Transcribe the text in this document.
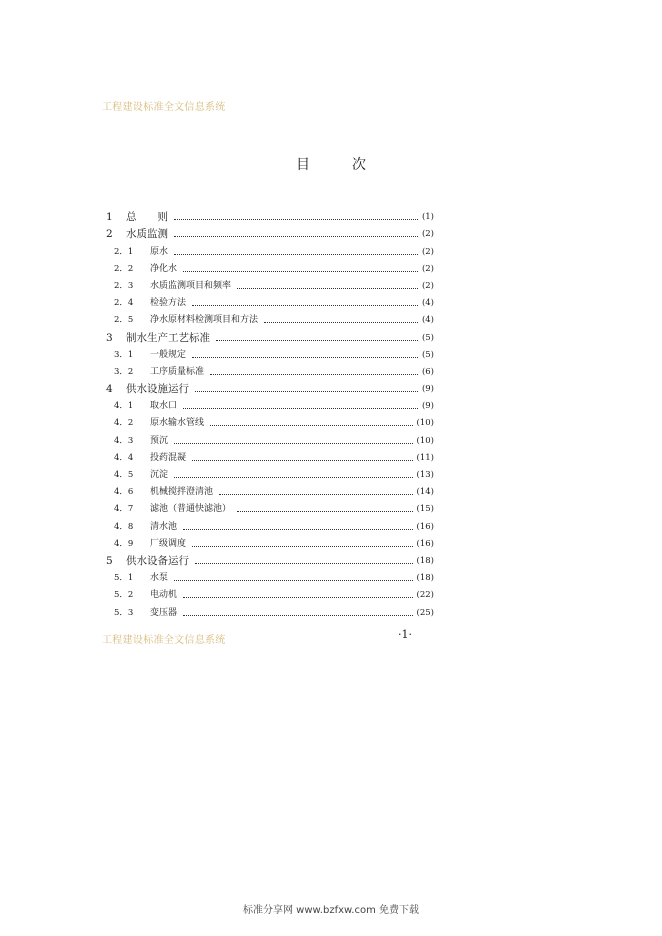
工程建设标准全文信息系统
目	次
1	总　　则	(1)
2	水质监测	(2)
2．1	原水	(2)
2．2	净化水	(2)
2．3	水质监测项目和频率	(2)
2．4	检验方法	(4)
2．5	净水原材料检测项目和方法	(4)
3	制水生产工艺标准	(5)
3．1	一般规定	(5)
3．2	工序质量标准	(6)
4	供水设施运行	(9)
4．1	取水口	(9)
4．2	原水输水管线	(10)
4．3	预沉	(10)
4．4	投药混凝	(11)
4．5	沉淀	(13)
4．6	机械搅拌澄清池	(14)
4．7	滤池（普通快滤池）	(15)
4．8	清水池	(16)
4．9	厂级调度	(16)
5	供水设备运行	(18)
5．1	水泵	(18)
5．2	电动机	(22)
5．3	变压器	(25)
工程建设标准全文信息系统	·1·
标准分享网 www.bzfxw.com 免费下载
